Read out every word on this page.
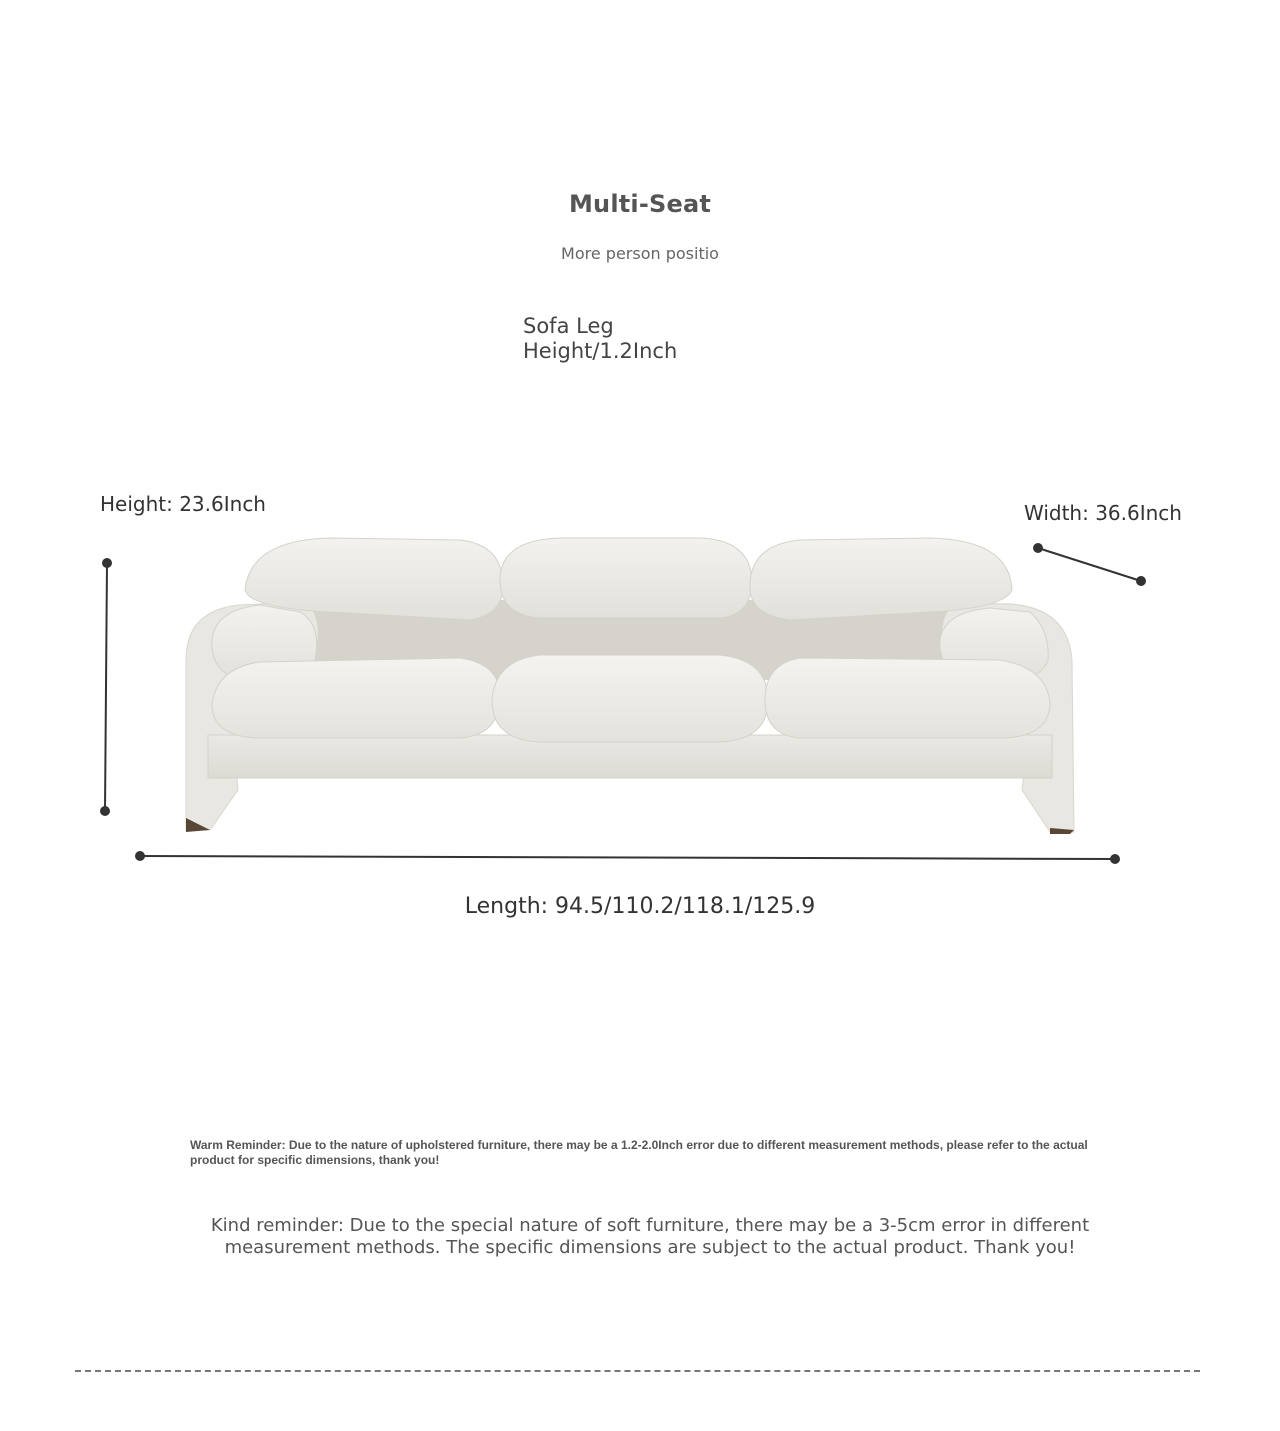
Multi-Seat
More person positio
Sofa Leg
Height/1.2Inch
Height: 23.6Inch	Width: 36.6Inch
Length: 94.5/110.2/118.1/125.9
Warm Reminder: Due to the nature of upholstered furniture, there may be a 1.2-2.0Inch error due to different measurement methods, please refer to the actual product for specific dimensions, thank you!
Kind reminder: Due to the special nature of soft furniture, there may be a 3-5cm error in different measurement methods. The specific dimensions are subject to the actual product. Thank you!
